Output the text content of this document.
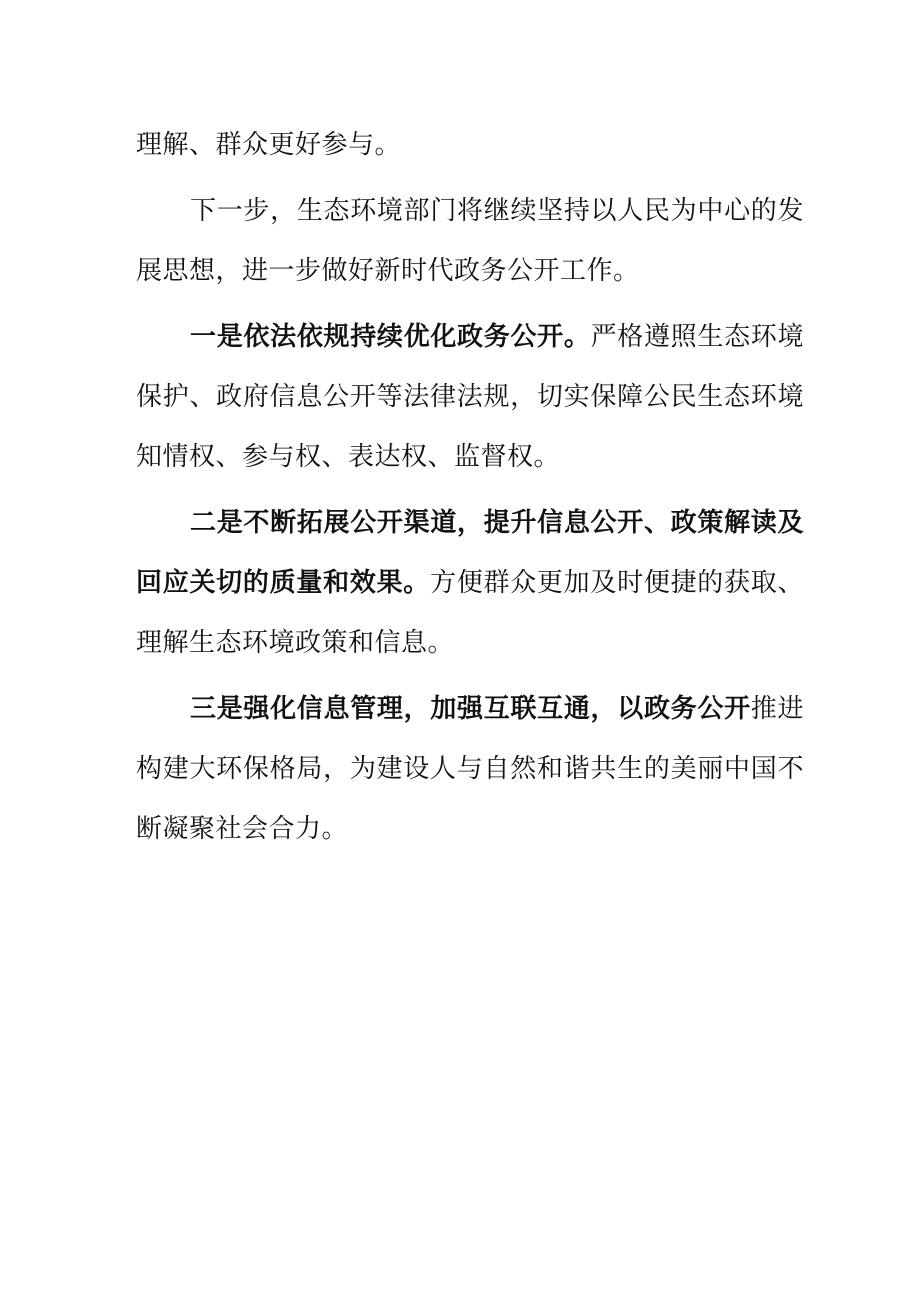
理解、群众更好参与。

下一步，生态环境部门将继续坚持以人民为中心的发展思想，进一步做好新时代政务公开工作。

一是依法依规持续优化政务公开。严格遵照生态环境保护、政府信息公开等法律法规，切实保障公民生态环境知情权、参与权、表达权、监督权。

二是不断拓展公开渠道，提升信息公开、政策解读及回应关切的质量和效果。方便群众更加及时便捷的获取、理解生态环境政策和信息。

三是强化信息管理，加强互联互通，以政务公开推进构建大环保格局，为建设人与自然和谐共生的美丽中国不断凝聚社会合力。
